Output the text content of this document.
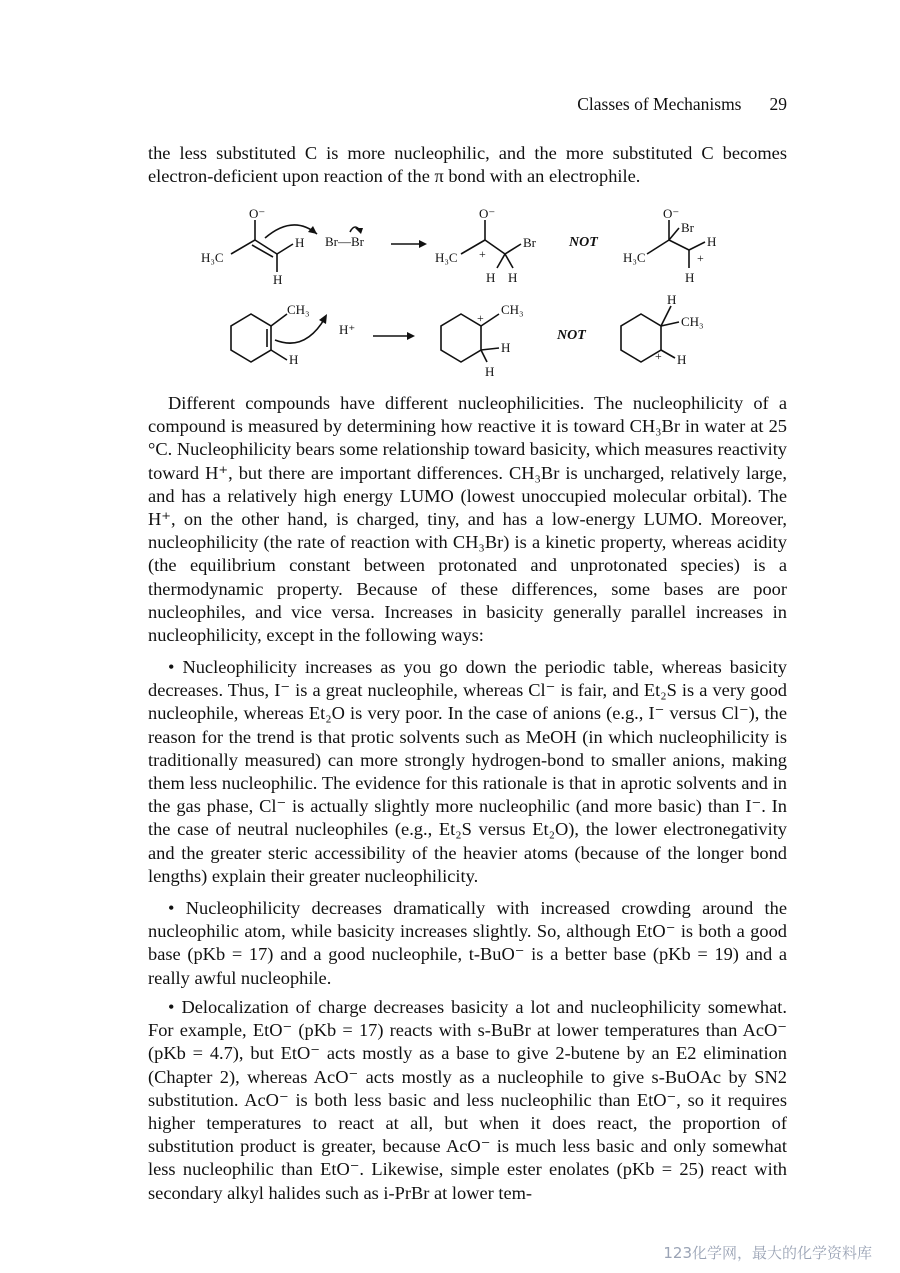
Classes of Mechanisms 29

the less substituted C is more nucleophilic, and the more substituted C becomes electron-deficient upon reaction of the π bond with an electrophile.

O⁻
H₃C
H
H
Br—Br
O⁻
H₃C +
Br
H H
NOT
O⁻
Br
H₃C	+
H
H
CH₃
H
H⁺
+
CH₃
H
H
NOT
H
CH₃
+ H

Different compounds have different nucleophilicities. The nucleophilicity of a compound is measured by determining how reactive it is toward CH₃Br in water at 25 °C. Nucleophilicity bears some relationship toward basicity, which measures reactivity toward H⁺, but there are important differences. CH₃Br is uncharged, relatively large, and has a relatively high energy LUMO (lowest unoccupied molecular orbital). The H⁺, on the other hand, is charged, tiny, and has a low-energy LUMO. Moreover, nucleophilicity (the rate of reaction with CH₃Br) is a kinetic property, whereas acidity (the equilibrium constant between protonated and unprotonated species) is a thermodynamic property. Because of these differences, some bases are poor nucleophiles, and vice versa. Increases in basicity generally parallel increases in nucleophilicity, except in the following ways:

• Nucleophilicity increases as you go down the periodic table, whereas basicity decreases. Thus, I⁻ is a great nucleophile, whereas Cl⁻ is fair, and Et₂S is a very good nucleophile, whereas Et₂O is very poor. In the case of anions (e.g., I⁻ versus Cl⁻), the reason for the trend is that protic solvents such as MeOH (in which nucleophilicity is traditionally measured) can more strongly hydrogen-bond to smaller anions, making them less nucleophilic. The evidence for this rationale is that in aprotic solvents and in the gas phase, Cl⁻ is actually slightly more nucleophilic (and more basic) than I⁻. In the case of neutral nucleophiles (e.g., Et₂S versus Et₂O), the lower electronegativity and the greater steric accessibility of the heavier atoms (because of the longer bond lengths) explain their greater nucleophilicity.

• Nucleophilicity decreases dramatically with increased crowding around the nucleophilic atom, while basicity increases slightly. So, although EtO⁻ is both a good base (pKb = 17) and a good nucleophile, t-BuO⁻ is a better base (pKb = 19) and a really awful nucleophile.

• Delocalization of charge decreases basicity a lot and nucleophilicity somewhat. For example, EtO⁻ (pKb = 17) reacts with s-BuBr at lower temperatures than AcO⁻ (pKb = 4.7), but EtO⁻ acts mostly as a base to give 2-butene by an E2 elimination (Chapter 2), whereas AcO⁻ acts mostly as a nucleophile to give s-BuOAc by SN2 substitution. AcO⁻ is both less basic and less nucleophilic than EtO⁻, so it requires higher temperatures to react at all, but when it does react, the proportion of substitution product is greater, because AcO⁻ is much less basic and only somewhat less nucleophilic than EtO⁻. Likewise, simple ester enolates (pKb = 25) react with secondary alkyl halides such as i-PrBr at lower tem-

123化学网，最大的化学资料库
